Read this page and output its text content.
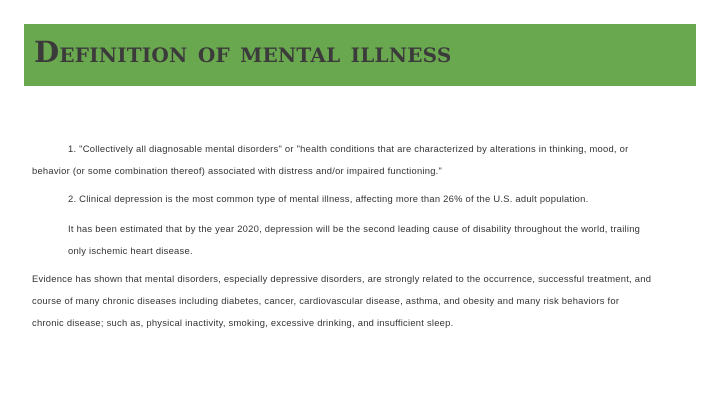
Definition of mental illness

1. "Collectively all diagnosable mental disorders" or "health conditions that are characterized by alterations in thinking, mood, or

behavior (or some combination thereof) associated with distress and/or impaired functioning."

2. Clinical depression is the most common type of mental illness, affecting more than 26% of the U.S. adult population.

It has been estimated that by the year 2020, depression will be the second leading cause of disability throughout the world, trailing

only ischemic heart disease.

Evidence has shown that mental disorders, especially depressive disorders, are strongly related to the occurrence, successful treatment, and

course of many chronic diseases including diabetes, cancer, cardiovascular disease, asthma, and obesity and many risk behaviors for

chronic disease; such as, physical inactivity, smoking, excessive drinking, and insufficient sleep.
